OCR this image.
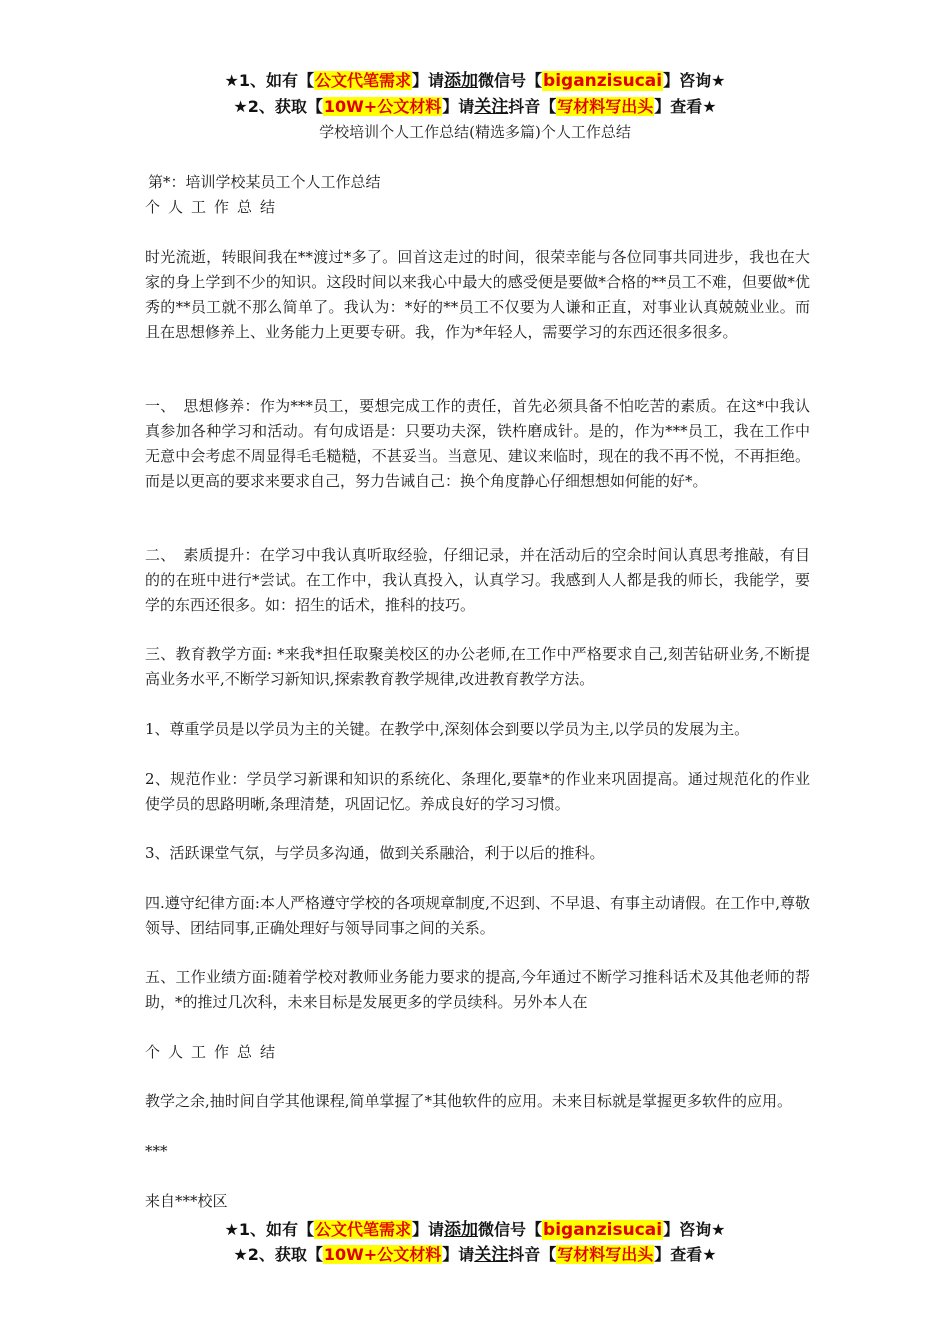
★1、如有【公文代笔需求】请添加微信号【biganzisucai】咨询★
★2、获取【10W+公文材料】请关注抖音【写材料写出头】查看★
学校培训个人工作总结(精选多篇)个人工作总结
第*：培训学校某员工个人工作总结
个人工作总结
时光流逝，转眼间我在**渡过*多了。回首这走过的时间，很荣幸能与各位同事共同进步，我也在大家的身上学到不少的知识。这段时间以来我心中最大的感受便是要做*合格的**员工不难，但要做*优秀的**员工就不那么简单了。我认为：*好的**员工不仅要为人谦和正直，对事业认真兢兢业业。而且在思想修养上、业务能力上更要专研。我，作为*年轻人，需要学习的东西还很多很多。
一、　思想修养：作为***员工，要想完成工作的责任，首先必须具备不怕吃苦的素质。在这*中我认真参加各种学习和活动。有句成语是：只要功夫深，铁杵磨成针。是的，作为***员工，我在工作中无意中会考虑不周显得毛毛糙糙，不甚妥当。当意见、建议来临时，现在的我不再不悦，不再拒绝。而是以更高的要求来要求自己，努力告诫自己：换个角度静心仔细想想如何能的好*。
二、　素质提升：在学习中我认真听取经验，仔细记录，并在活动后的空余时间认真思考推敲，有目的的在班中进行*尝试。在工作中，我认真投入，认真学习。我感到人人都是我的师长，我能学，要学的东西还很多。如：招生的话术，推科的技巧。
三、教育教学方面: *来我*担任取聚美校区的办公老师,在工作中严格要求自己,刻苦钻研业务,不断提高业务水平,不断学习新知识,探索教育教学规律,改进教育教学方法。
1、尊重学员是以学员为主的关键。在教学中,深刻体会到要以学员为主,以学员的发展为主。
2、规范作业：学员学习新课和知识的系统化、条理化,要靠*的作业来巩固提高。通过规范化的作业使学员的思路明晰,条理清楚，巩固记忆。养成良好的学习习惯。
3、活跃课堂气氛，与学员多沟通，做到关系融洽，利于以后的推科。
四.遵守纪律方面:本人严格遵守学校的各项规章制度,不迟到、不早退、有事主动请假。在工作中,尊敬领导、团结同事,正确处理好与领导同事之间的关系。
五、工作业绩方面:随着学校对教师业务能力要求的提高,今年通过不断学习推科话术及其他老师的帮助，*的推过几次科，未来目标是发展更多的学员续科。另外本人在
个人工作总结
教学之余,抽时间自学其他课程,简单掌握了*其他软件的应用。未来目标就是掌握更多软件的应用。
***
来自***校区
★1、如有【公文代笔需求】请添加微信号【biganzisucai】咨询★
★2、获取【10W+公文材料】请关注抖音【写材料写出头】查看★
